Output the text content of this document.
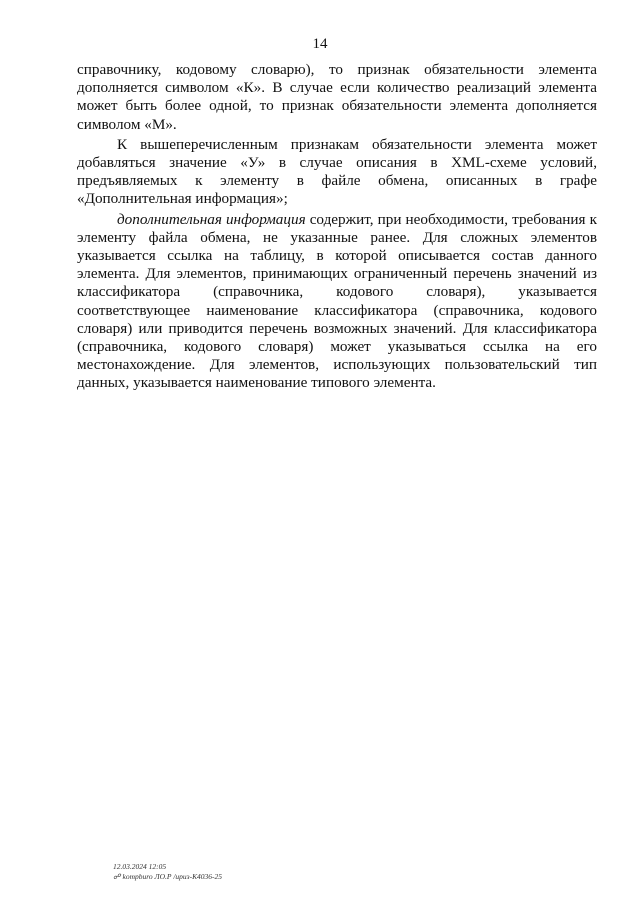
14
справочнику, кодовому словарю), то признак обязательности элемента
дополняется символом «К». В случае если количество реализаций элемента
может быть более одной, то признак обязательности элемента дополняется
символом «М».
К вышеперечисленным признакам обязательности элемента может
добавляться значение «У» в случае описания в XML-схеме условий,
предъявляемых к элементу в файле обмена, описанных в графе
«Дополнительная информация»;
дополнительная информация содержит, при необходимости, требования к
элементу файла обмена, не указанные ранее. Для сложных элементов
указывается ссылка на таблицу, в которой описывается состав данного
элемента. Для элементов, принимающих ограниченный перечень значений из
классификатора (справочника, кодового словаря), указывается
соответствующее наименование классификатора (справочника, кодового
словаря) или приводится перечень возможных значений. Для классификатора
(справочника, кодового словаря) может указываться ссылка на его
местонахождение. Для элементов, использующих пользовательский тип
данных, указывается наименование типового элемента.
12.03.2024 12:05
☍ kompburo ЛО.Р /ириз-К4036-25
